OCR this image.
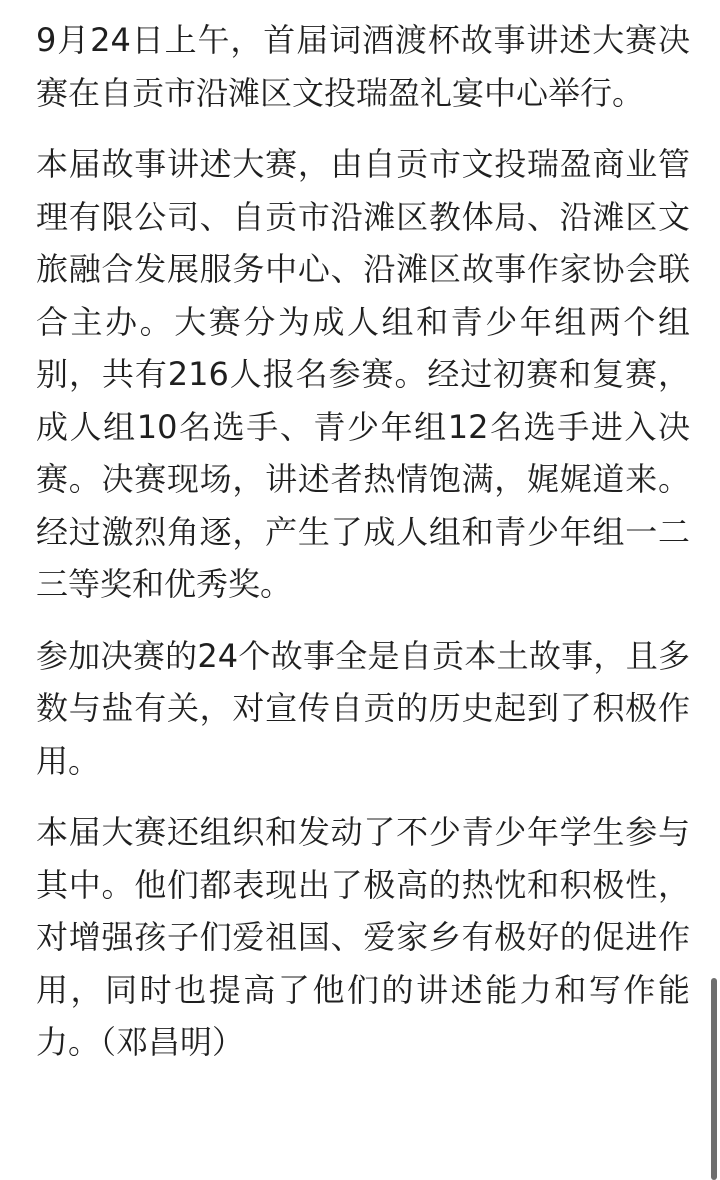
9月24日上午，首届词酒渡杯故事讲述大赛决赛在自贡市沿滩区文投瑞盈礼宴中心举行。

本届故事讲述大赛，由自贡市文投瑞盈商业管理有限公司、自贡市沿滩区教体局、沿滩区文旅融合发展服务中心、沿滩区故事作家协会联合主办。大赛分为成人组和青少年组两个组别，共有216人报名参赛。经过初赛和复赛，成人组10名选手、青少年组12名选手进入决赛。决赛现场，讲述者热情饱满，娓娓道来。经过激烈角逐，产生了成人组和青少年组一二三等奖和优秀奖。

参加决赛的24个故事全是自贡本土故事，且多数与盐有关，对宣传自贡的历史起到了积极作用。

本届大赛还组织和发动了不少青少年学生参与其中。他们都表现出了极高的热忱和积极性，对增强孩子们爱祖国、爱家乡有极好的促进作用，同时也提高了他们的讲述能力和写作能力。（邓昌明）
